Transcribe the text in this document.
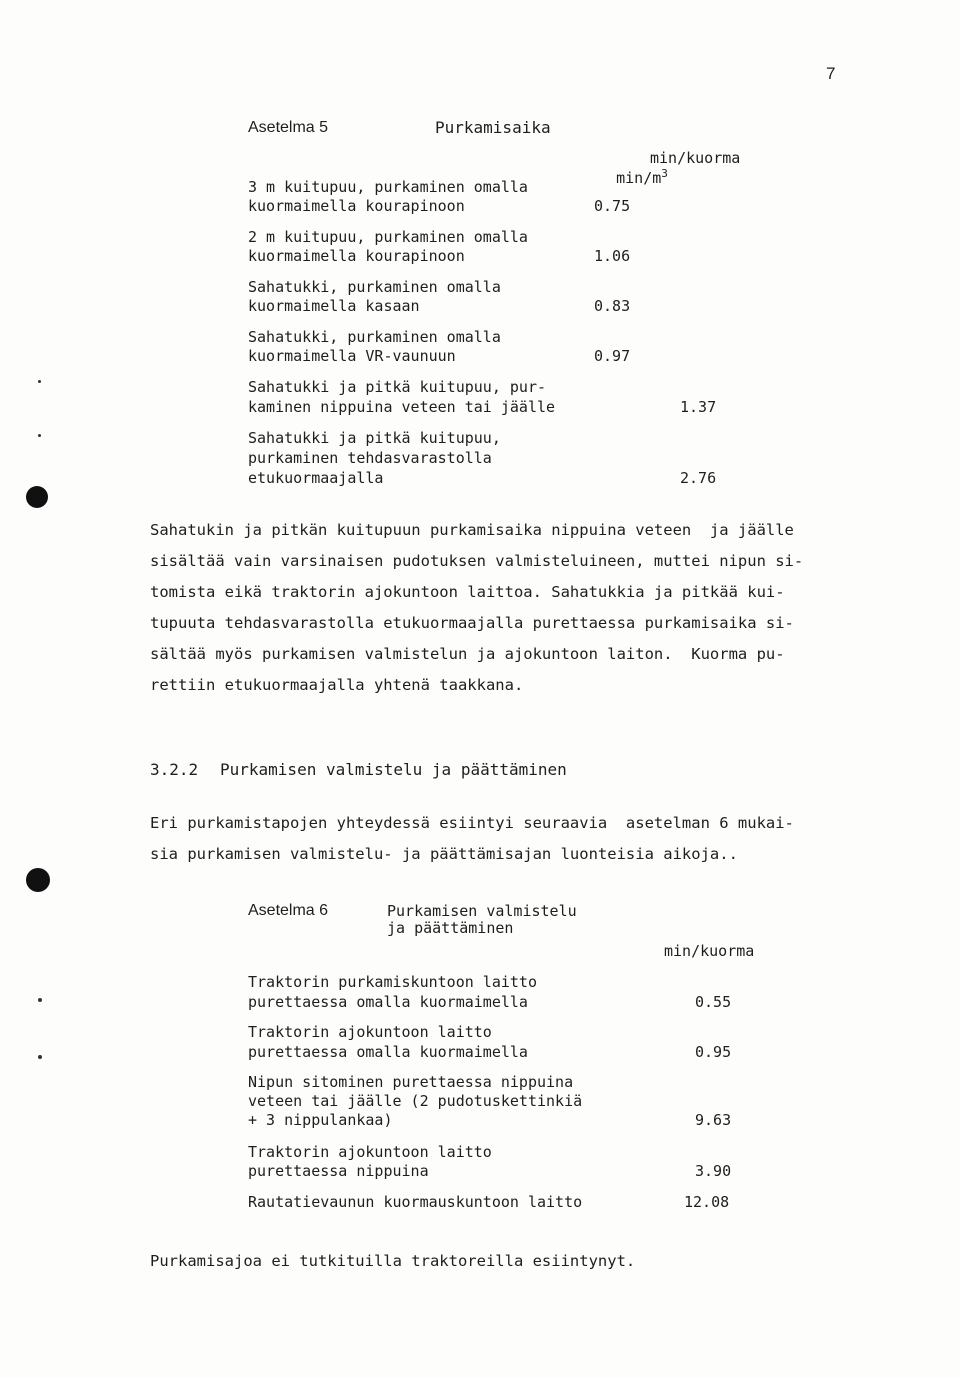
7
Asetelma 5	Purkamisaika

$\min/m^3$

min/kuorma
3 m kuitupuu, purkaminen omalla
kuormaimella kourapinoon	0.75
2 m kuitupuu, purkaminen omalla
kuormaimella kourapinoon	1.06
Sahatukki, purkaminen omalla
kuormaimella kasaan	0.83
Sahatukki, purkaminen omalla
kuormaimella VR-vaunuun	0.97
Sahatukki ja pitkä kuitupuu, pur-
kaminen nippuina veteen tai jäälle	1.37
Sahatukki ja pitkä kuitupuu,
purkaminen tehdasvarastolla
etukuormaajalla	2.76
Sahatukin ja pitkän kuitupuun purkamisaika nippuina veteen  ja jäälle
sisältää vain varsinaisen pudotuksen valmisteluineen, muttei nipun si-
tomista eikä traktorin ajokuntoon laittoa. Sahatukkia ja pitkää kui-
tupuuta tehdasvarastolla etukuormaajalla purettaessa purkamisaika si-
sältää myös purkamisen valmistelun ja ajokuntoon laiton.  Kuorma pu-
rettiin etukuormaajalla yhtenä taakkana.
3.2.2 Purkamisen valmistelu ja päättäminen
Eri purkamistapojen yhteydessä esiintyi seuraavia  asetelman 6 mukai-
sia purkamisen valmistelu- ja päättämisajan luonteisia aikoja..
Asetelma 6	Purkamisen valmistelu
ja päättäminen
min/kuorma
Traktorin purkamiskuntoon laitto
purettaessa omalla kuormaimella	0.55
Traktorin ajokuntoon laitto
purettaessa omalla kuormaimella	0.95
Nipun sitominen purettaessa nippuina
veteen tai jäälle (2 pudotuskettinkiä
+ 3 nippulankaa)	9.63
Traktorin ajokuntoon laitto
purettaessa nippuina	3.90
Rautatievaunun kuormauskuntoon laitto	12.08
Purkamisajoa ei tutkituilla traktoreilla esiintynyt.
